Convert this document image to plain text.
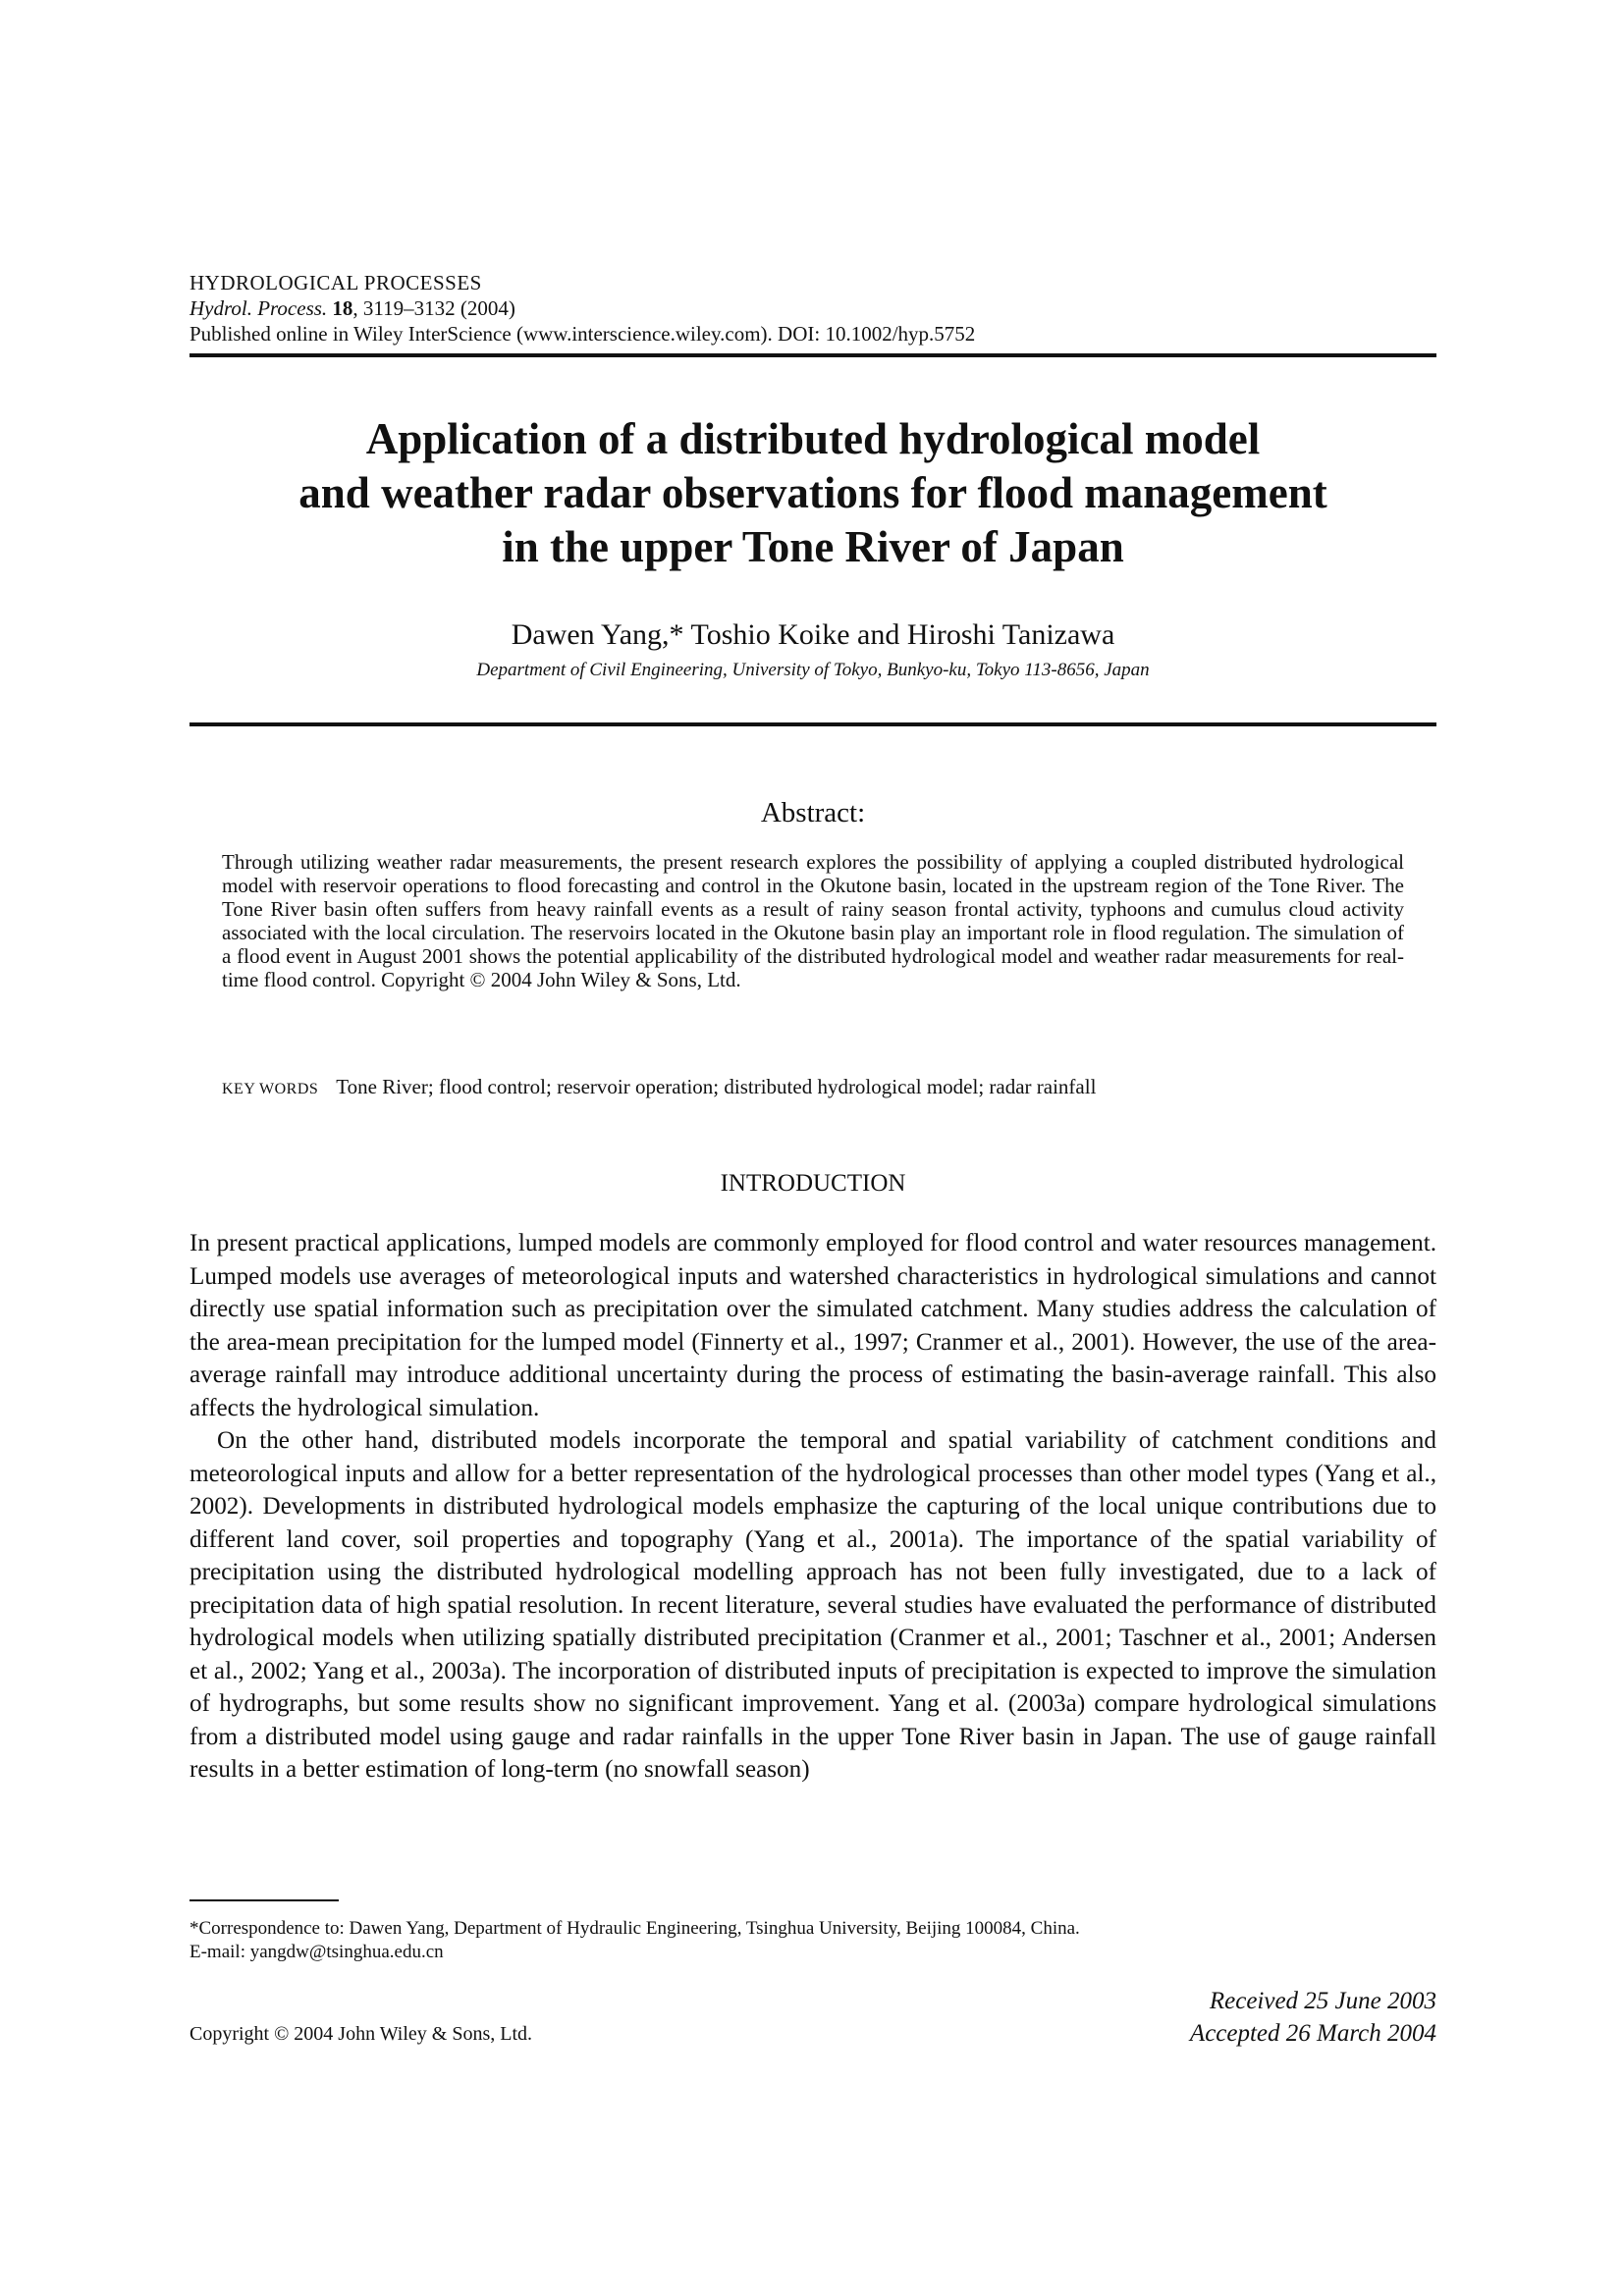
HYDROLOGICAL PROCESSES
Hydrol. Process. 18, 3119–3132 (2004)
Published online in Wiley InterScience (www.interscience.wiley.com). DOI: 10.1002/hyp.5752
Application of a distributed hydrological model
and weather radar observations for flood management
in the upper Tone River of Japan
Dawen Yang,* Toshio Koike and Hiroshi Tanizawa
Department of Civil Engineering, University of Tokyo, Bunkyo-ku, Tokyo 113-8656, Japan
Abstract:
Through utilizing weather radar measurements, the present research explores the possibility of applying a coupled distributed hydrological model with reservoir operations to flood forecasting and control in the Okutone basin, located in the upstream region of the Tone River. The Tone River basin often suffers from heavy rainfall events as a result of rainy season frontal activity, typhoons and cumulus cloud activity associated with the local circulation. The reservoirs located in the Okutone basin play an important role in flood regulation. The simulation of a flood event in August 2001 shows the potential applicability of the distributed hydrological model and weather radar measurements for real-time flood control. Copyright © 2004 John Wiley & Sons, Ltd.
KEY WORDS Tone River; flood control; reservoir operation; distributed hydrological model; radar rainfall
INTRODUCTION

In present practical applications, lumped models are commonly employed for flood control and water resources management. Lumped models use averages of meteorological inputs and watershed characteristics in hydrological simulations and cannot directly use spatial information such as precipitation over the simulated catchment. Many studies address the calculation of the area-mean precipitation for the lumped model (Finnerty et al., 1997; Cranmer et al., 2001). However, the use of the area-average rainfall may introduce additional uncertainty during the process of estimating the basin-average rainfall. This also affects the hydrological simulation.

On the other hand, distributed models incorporate the temporal and spatial variability of catchment conditions and meteorological inputs and allow for a better representation of the hydrological processes than other model types (Yang et al., 2002). Developments in distributed hydrological models emphasize the capturing of the local unique contributions due to different land cover, soil properties and topography (Yang et al., 2001a). The importance of the spatial variability of precipitation using the distributed hydrological modelling approach has not been fully investigated, due to a lack of precipitation data of high spatial resolution. In recent literature, several studies have evaluated the performance of distributed hydrological models when utilizing spatially distributed precipitation (Cranmer et al., 2001; Taschner et al., 2001; Andersen et al., 2002; Yang et al., 2003a). The incorporation of distributed inputs of precipitation is expected to improve the simulation of hydrographs, but some results show no significant improvement. Yang et al. (2003a) compare hydrological simulations from a distributed model using gauge and radar rainfalls in the upper Tone River basin in Japan. The use of gauge rainfall results in a better estimation of long-term (no snowfall season)

*Correspondence to: Dawen Yang, Department of Hydraulic Engineering, Tsinghua University, Beijing 100084, China.
E-mail: yangdw@tsinghua.edu.cn
Copyright © 2004 John Wiley & Sons, Ltd.
Received 25 June 2003
Accepted 26 March 2004
